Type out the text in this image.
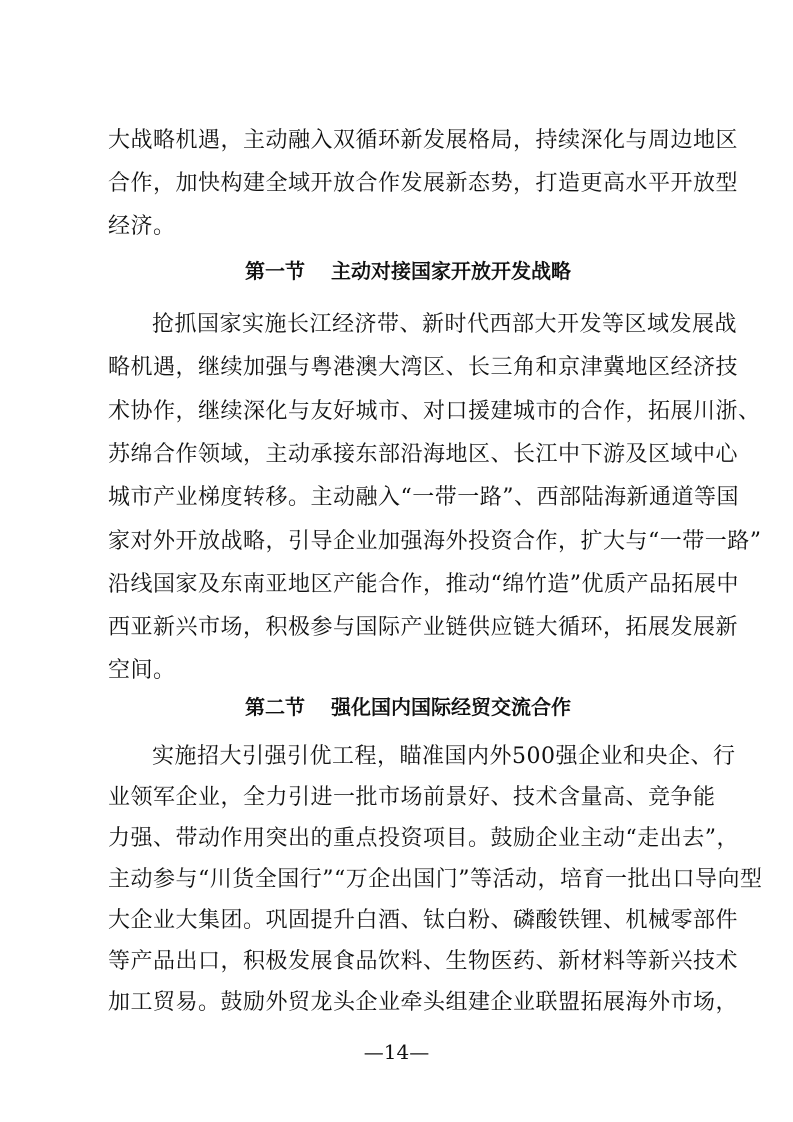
大战略机遇，主动融入双循环新发展格局，持续深化与周边地区
合作，加快构建全域开放合作发展新态势，打造更高水平开放型
经济。
第一节 主动对接国家开放开发战略
抢抓国家实施长江经济带、新时代西部大开发等区域发展战
略机遇，继续加强与粤港澳大湾区、长三角和京津冀地区经济技
术协作，继续深化与友好城市、对口援建城市的合作，拓展川浙、
苏绵合作领域，主动承接东部沿海地区、长江中下游及区域中心
城市产业梯度转移。主动融入“一带一路”、西部陆海新通道等国
家对外开放战略，引导企业加强海外投资合作，扩大与“一带一路”
沿线国家及东南亚地区产能合作，推动“绵竹造”优质产品拓展中
西亚新兴市场，积极参与国际产业链供应链大循环，拓展发展新
空间。
第二节 强化国内国际经贸交流合作
实施招大引强引优工程，瞄准国内外500强企业和央企、行
业领军企业，全力引进一批市场前景好、技术含量高、竞争能
力强、带动作用突出的重点投资项目。鼓励企业主动“走出去”，
主动参与“川货全国行”“万企出国门”等活动，培育一批出口导向型
大企业大集团。巩固提升白酒、钛白粉、磷酸铁锂、机械零部件
等产品出口，积极发展食品饮料、生物医药、新材料等新兴技术
—14—
加工贸易。鼓励外贸龙头企业牵头组建企业联盟拓展海外市场，
